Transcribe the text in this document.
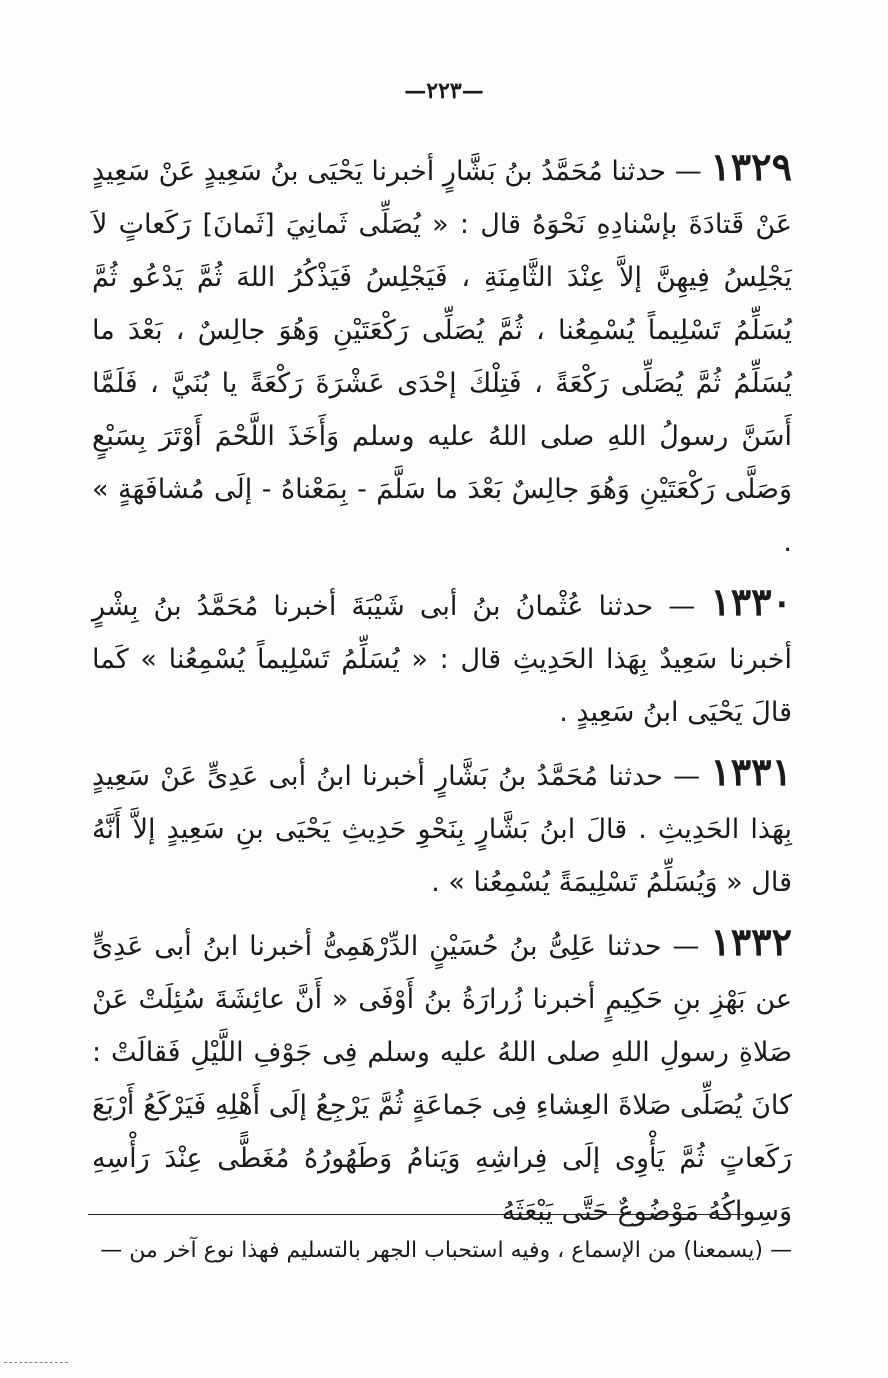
—٢٢٣—

١٣٢٩ — حدثنا مُحَمَّدُ بنُ بَشَّارٍ أخبرنا يَحْيَى بنُ سَعِيدٍ عَنْ سَعِيدٍ عَنْ قَتادَةَ بإسْنادِهِ نَحْوَهُ قال : « يُصَلِّى ثَمانِيَ [ثَمانَ] رَكَعاتٍ لاَ يَجْلِسُ فِيهِنَّ إلاَّ عِنْدَ الثَّامِنَةِ ، فَيَجْلِسُ فَيَذْكُرُ اللهَ ثُمَّ يَدْعُو ثُمَّ يُسَلِّمُ تَسْلِيماً يُسْمِعُنا ، ثُمَّ يُصَلِّى رَكْعَتَيْنِ وَهُوَ جالِسٌ ، بَعْدَ ما يُسَلِّمُ ثُمَّ يُصَلِّى رَكْعَةً ، فَتِلْكَ إحْدَى عَشْرَةَ رَكْعَةً يا بُنَيَّ ، فَلَمَّا أَسَنَّ رسولُ اللهِ صلى اللهُ عليه وسلم وَأَخَذَ اللَّحْمَ أَوْتَرَ بِسَبْعٍ وَصَلَّى رَكْعَتَيْنِ وَهُوَ جالِسٌ بَعْدَ ما سَلَّمَ - بِمَعْناهُ - إلَى مُشافَهَةٍ » .

١٣٣٠ — حدثنا عُثْمانُ بنُ أبى شَيْبَةَ أخبرنا مُحَمَّدُ بنُ بِشْرٍ أخبرنا سَعِيدٌ بِهَذا الحَدِيثِ قال : « يُسَلِّمُ تَسْلِيماً يُسْمِعُنا » كَما قالَ يَحْيَى ابنُ سَعِيدٍ .

١٣٣١ — حدثنا مُحَمَّدُ بنُ بَشَّارٍ أخبرنا ابنُ أبى عَدِىٍّ عَنْ سَعِيدٍ بِهَذا الحَدِيثِ . قالَ ابنُ بَشَّارٍ بِنَحْوِ حَدِيثِ يَحْيَى بنِ سَعِيدٍ إلاَّ أَنَّهُ قال « وَيُسَلِّمُ تَسْلِيمَةً يُسْمِعُنا » .

١٣٣٢ — حدثنا عَلِىُّ بنُ حُسَيْنٍ الدِّرْهَمِىُّ أخبرنا ابنُ أبى عَدِىٍّ عن بَهْزِ بنِ حَكِيمٍ أخبرنا زُرارَةُ بنُ أَوْفَى « أَنَّ عائِشَةَ سُئِلَتْ عَنْ صَلاةِ رسولِ اللهِ صلى اللهُ عليه وسلم فِى جَوْفِ اللَّيْلِ فَقالَتْ : كانَ يُصَلِّى صَلاةَ العِشاءِ فِى جَماعَةٍ ثُمَّ يَرْجِعُ إلَى أَهْلِهِ فَيَرْكَعُ أَرْبَعَ رَكَعاتٍ ثُمَّ يَأْوِى إلَى فِراشِهِ وَيَنامُ وَطَهُورُهُ مُغَطًّى عِنْدَ رَأْسِهِ وَسِواكُهُ مَوْضُوعٌ حَتَّى يَبْعَثَهُ

— (يسمعنا) من الإسماع ، وفيه استحباب الجهر بالتسليم فهذا نوع آخر من —
